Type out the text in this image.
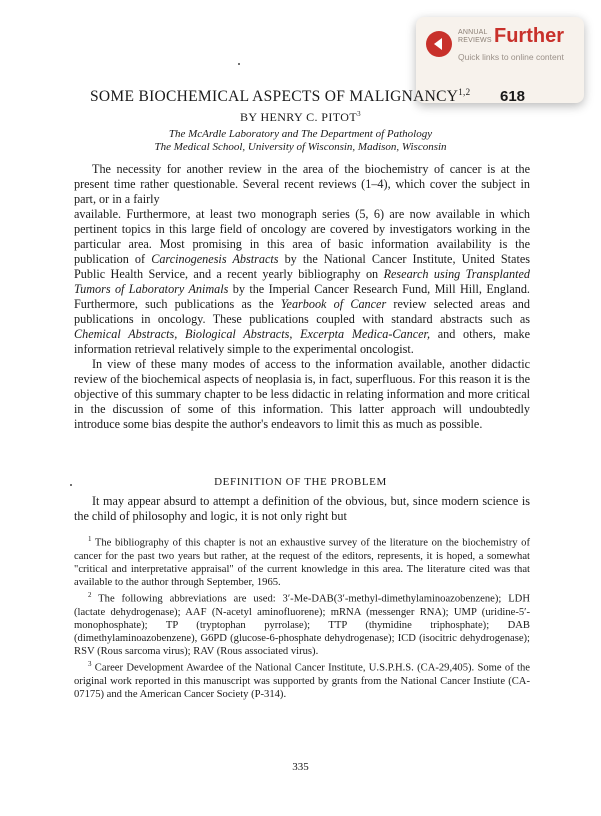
ANNUAL
REVIEWS Further
Quick links to online content
SOME BIOCHEMICAL ASPECTS OF MALIGNANCY$^{1,2}$ 618
BY HENRY C. PITOT$^3$
The McArdle Laboratory and The Department of Pathology
The Medical School, University of Wisconsin, Madison, Wisconsin

The necessity for another review in the area of the biochemistry of cancer is at the present time rather questionable. Several recent reviews (1–4), which cover the subject in part, or in a fairly

available. Furthermore, at least two monograph series (5, 6) are now available in which pertinent topics in this large field of oncology are covered by investigators working in the particular area. Most promising in this area of basic information availability is the publication of Carcinogenesis Abstracts by the National Cancer Institute, United States Public Health Service, and a recent yearly bibliography on Research using Transplanted Tumors of Laboratory Animals by the Imperial Cancer Research Fund, Mill Hill, England. Furthermore, such publications as the Yearbook of Cancer review selected areas and publications in oncology. These publications coupled with standard abstracts such as Chemical Abstracts, Biological Abstracts, Excerpta Medica-Cancer, and others, make information retrieval relatively simple to the experimental oncologist.

In view of these many modes of access to the information available, another didactic review of the biochemical aspects of neoplasia is, in fact, superfluous. For this reason it is the objective of this summary chapter to be less didactic in relating information and more critical in the discussion of some of this information. This latter approach will undoubtedly introduce some bias despite the author's endeavors to limit this as much as possible.

DEFINITION OF THE PROBLEM

It may appear absurd to attempt a definition of the obvious, but, since modern science is the child of philosophy and logic, it is not only right but

$^1$ The bibliography of this chapter is not an exhaustive survey of the literature on the biochemistry of cancer for the past two years but rather, at the request of the editors, represents, it is hoped, a somewhat "critical and interpretative appraisal" of the current knowledge in this area. The literature cited was that available to the author through September, 1965.

$^2$ The following abbreviations are used: 3′-Me-DAB(3′-methyl-dimethylaminoazobenzene); LDH (lactate dehydrogenase); AAF (N-acetyl aminofluorene); mRNA (messenger RNA); UMP (uridine-5′-monophosphate); TP (tryptophan pyrrolase); TTP (thymidine triphosphate); DAB (dimethylaminoazobenzene), G6PD (glucose-6-phosphate dehydrogenase); ICD (isocitric dehydrogenase); RSV (Rous sarcoma virus); RAV (Rous associated virus).

$^3$ Career Development Awardee of the National Cancer Institute, U.S.P.H.S. (CA-29,405). Some of the original work reported in this manuscript was supported by grants from the National Cancer Instiute (CA-07175) and the American Cancer Society (P-314).

335
